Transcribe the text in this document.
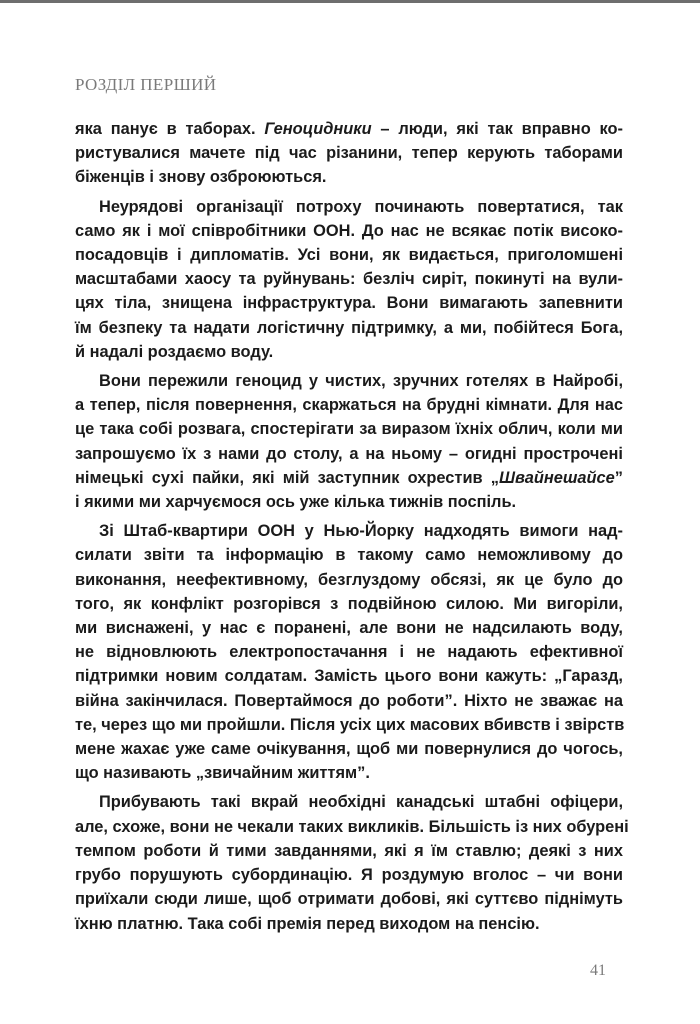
РОЗДІЛ ПЕРШИЙ
яка панує в таборах. Геноцидники – люди, які так вправно ко-
ристувалися мачете під час різанини, тепер керують таборами
біженців і знову озброюються.
Неурядові організації потроху починають повертатися, так
само як і мої співробітники ООН. До нас не всякає потік високо-
посадовців і дипломатів. Усі вони, як видається, приголомшені
масштабами хаосу та руйнувань: безліч сиріт, покинуті на вули-
цях тіла, знищена інфраструктура. Вони вимагають запевнити
їм безпеку та надати логістичну підтримку, а ми, побійтеся Бога,
й надалі роздаємо воду.
Вони пережили геноцид у чистих, зручних готелях в Найробі,
а тепер, після повернення, скаржаться на брудні кімнати. Для нас
це така собі розвага, спостерігати за виразом їхніх облич, коли ми
запрошуємо їх з нами до столу, а на ньому – огидні прострочені
німецькі сухі пайки, які мій заступник охрестив „Швайнешайсе”
і якими ми харчуємося ось уже кілька тижнів поспіль.
Зі Штаб-квартири ООН у Нью-Йорку надходять вимоги над-
силати звіти та інформацію в такому само неможливому до
виконання, неефективному, безглуздому обсязі, як це було до
того, як конфлікт розгорівся з подвійною силою. Ми вигоріли,
ми виснажені, у нас є поранені, але вони не надсилають воду,
не відновлюють електропостачання і не надають ефективної
підтримки новим солдатам. Замість цього вони кажуть: „Гаразд,
війна закінчилася. Повертаймося до роботи”. Ніхто не зважає на
те, через що ми пройшли. Після усіх цих масових вбивств і звірств
мене жахає уже саме очікування, щоб ми повернулися до чогось,
що називають „звичайним життям”.
Прибувають такі вкрай необхідні канадські штабні офіцери,
але, схоже, вони не чекали таких викликів. Більшість із них обурені
темпом роботи й тими завданнями, які я їм ставлю; деякі з них
грубо порушують субординацію. Я роздумую вголос – чи вони
приїхали сюди лише, щоб отримати добові, які суттєво піднімуть
їхню платню. Така собі премія перед виходом на пенсію.
41
